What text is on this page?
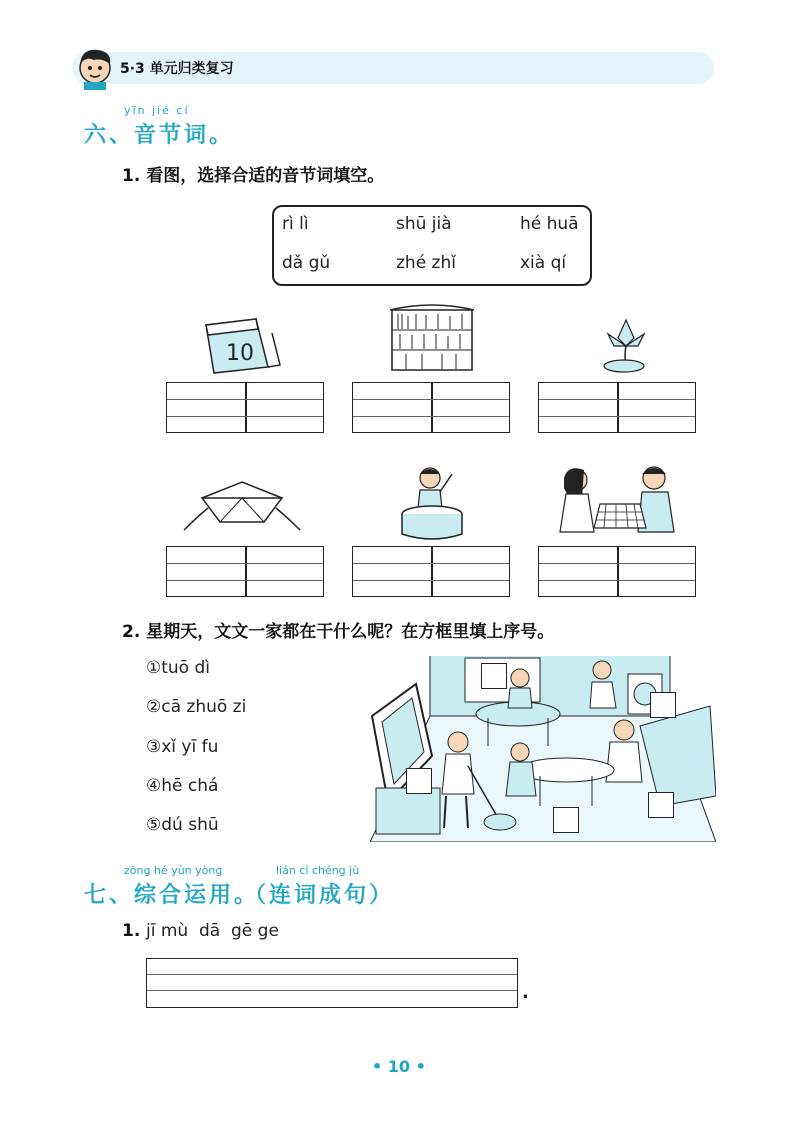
5·3 单元归类复习
yīn jié cí
六、音节词。
1. 看图，选择合适的音节词填空。
rì lì	shū jià	hé huā
dǎ gǔ	zhé zhǐ	xià qí
10
2. 星期天，文文一家都在干什么呢？在方框里填上序号。
①tuō dì
②cā zhuō zi
③xǐ yī fu
④hē chá
⑤dú shū
zōng hé yùn yòng	lián cí chéng jù
七、综合运用。
（连词成句）
1. jī mù  dā  gē ge
.
• 10 •
